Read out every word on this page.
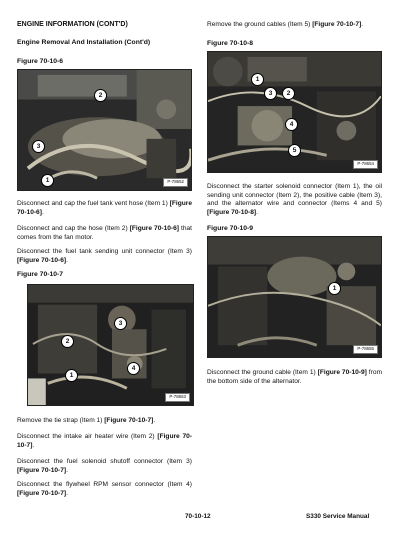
ENGINE INFORMATION (CONT'D)
Engine Removal And Installation (Cont'd)
Figure 70-10-6
2
3
1	P-78652

Disconnect and cap the fuel tank vent hose (Item 1) [Figure 70-10-6].

Disconnect and cap the hose (Item 2) [Figure 70-10-6] that comes from the fan motor.

Disconnect the fuel tank sending unit connector (Item 3) [Figure 70-10-6].

Figure 70-10-7
3
2
4
1
P-78653

Remove the tie strap (Item 1) [Figure 70-10-7].

Disconnect the intake air heater wire (Item 2) [Figure 70-10-7].

Disconnect the fuel solenoid shutoff connector (Item 3) [Figure 70-10-7].

Disconnect the flywheel RPM sensor connector (Item 4) [Figure 70-10-7].

Remove the ground cables (Item 5) [Figure 70-10-7].

Figure 70-10-8
1
3	2
4
5
P-78654

Disconnect the starter solenoid connector (Item 1), the oil sending unit connector (Item 2), the positive cable (Item 3), and the alternator wire and connector (Items 4 and 5) [Figure 70-10-8].

Figure 70-10-9
1
P-78655

Disconnect the ground cable (Item 1) [Figure 70-10-9] from the bottom side of the alternator.

70-10-12	S330 Service Manual
